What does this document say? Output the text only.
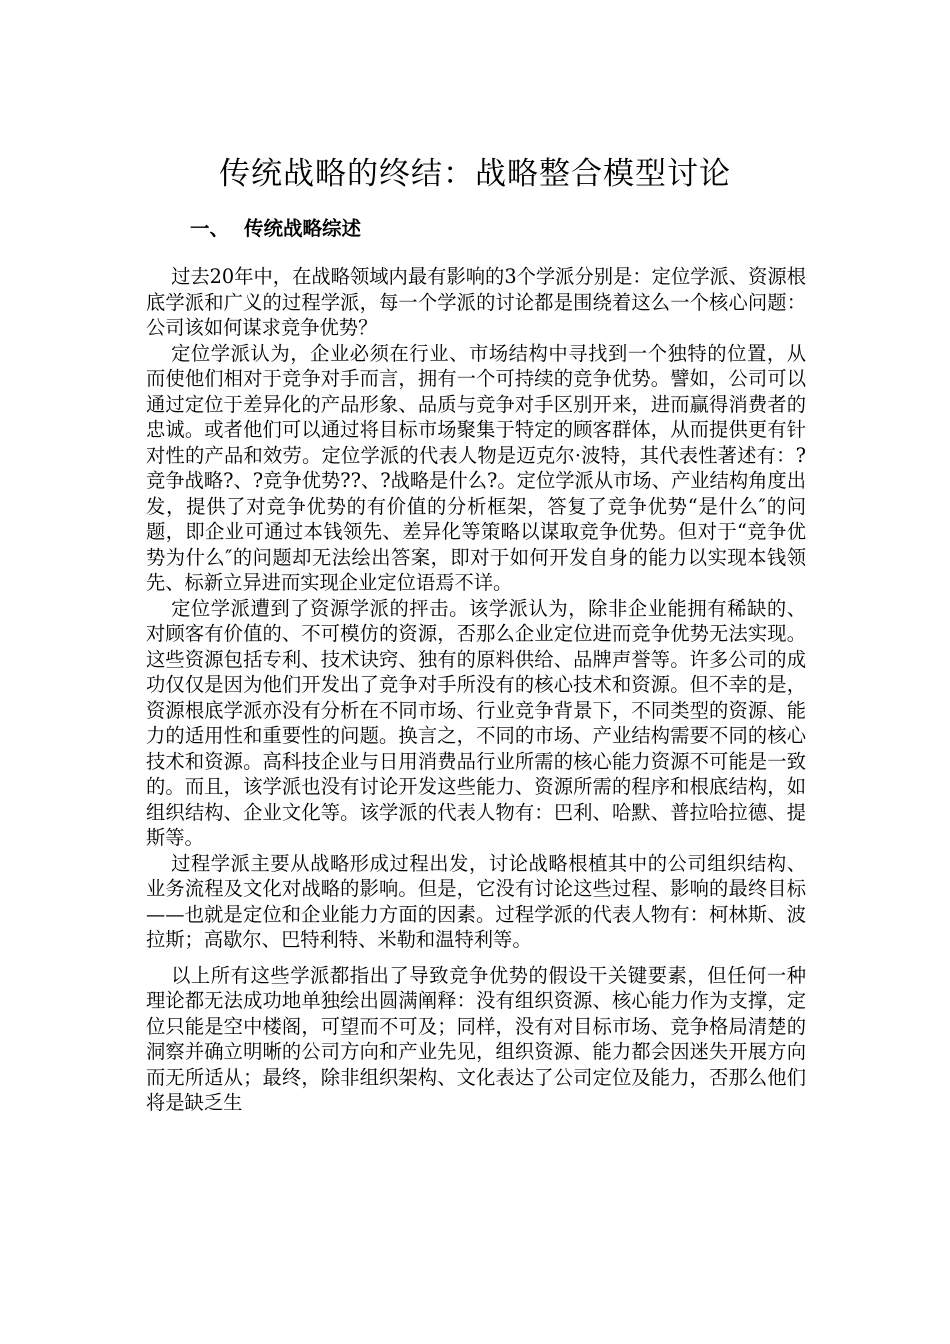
传统战略的终结：战略整合模型讨论
一、 传统战略综述

过去20年中，在战略领域内最有影响的3个学派分别是：定位学派、资源根底学派和广义的过程学派，每一个学派的讨论都是围绕着这么一个核心问题：公司该如何谋求竞争优势？

定位学派认为，企业必须在行业、市场结构中寻找到一个独特的位置，从而使他们相对于竞争对手而言，拥有一个可持续的竞争优势。譬如，公司可以通过定位于差异化的产品形象、品质与竞争对手区别开来，进而赢得消费者的忠诚。或者他们可以通过将目标市场聚集于特定的顾客群体，从而提供更有针对性的产品和效劳。定位学派的代表人物是迈克尔·波特，其代表性著述有：?竞争战略?、?竞争优势??、?战略是什么?。定位学派从市场、产业结构角度出发，提供了对竞争优势的有价值的分析框架，答复了竞争优势“是什么″的问题，即企业可通过本钱领先、差异化等策略以谋取竞争优势。但对于“竞争优势为什么″的问题却无法绘出答案，即对于如何开发自身的能力以实现本钱领先、标新立异进而实现企业定位语焉不详。

定位学派遭到了资源学派的抨击。该学派认为，除非企业能拥有稀缺的、对顾客有价值的、不可模仿的资源，否那么企业定位进而竞争优势无法实现。这些资源包括专利、技术诀窍、独有的原料供给、品牌声誉等。许多公司的成功仅仅是因为他们开发出了竞争对手所没有的核心技术和资源。但不幸的是，资源根底学派亦没有分析在不同市场、行业竞争背景下，不同类型的资源、能力的适用性和重要性的问题。换言之，不同的市场、产业结构需要不同的核心技术和资源。高科技企业与日用消费品行业所需的核心能力资源不可能是一致的。而且，该学派也没有讨论开发这些能力、资源所需的程序和根底结构，如组织结构、企业文化等。该学派的代表人物有：巴利、哈默、普拉哈拉德、提斯等。

过程学派主要从战略形成过程出发，讨论战略根植其中的公司组织结构、业务流程及文化对战略的影响。但是，它没有讨论这些过程、影响的最终目标——也就是定位和企业能力方面的因素。过程学派的代表人物有：柯林斯、波拉斯；高歇尔、巴特利特、米勒和温特利等。

以上所有这些学派都指出了导致竞争优势的假设干关键要素，但任何一种理论都无法成功地单独绘出圆满阐释：没有组织资源、核心能力作为支撑，定位只能是空中楼阁，可望而不可及；同样，没有对目标市场、竞争格局清楚的洞察并确立明晰的公司方向和产业先见，组织资源、能力都会因迷失开展方向而无所适从；最终，除非组织架构、文化表达了公司定位及能力，否那么他们将是缺乏生
